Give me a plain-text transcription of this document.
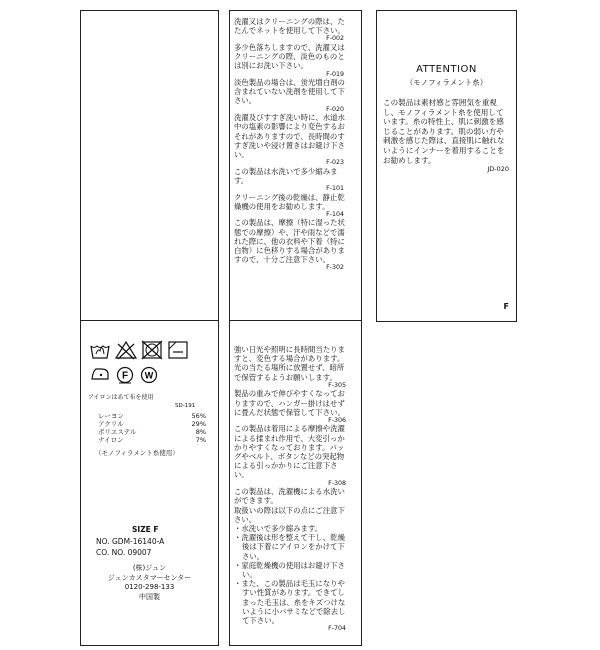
F W
アイロンはあて布を使用
SD-191
レーヨン	56%
アクリル	29%
ポリエステル	8%
ナイロン	7%
（モノフィラメント糸使用）
SIZE F
NO. GDM-16140-A
CO. NO. 09007
(株)ジュン
ジュンカスタマーセンター
0120-298-133
中国製
洗濯又はクリーニングの際は、たたんでネットを使用して下さい。
F-002
多少色落ちしますので、洗濯又はクリーニングの際、淡色のものとは別にお洗い下さい。
F-019
淡色製品の場合は、蛍光増白剤の含まれていない洗剤を使用して下さい。
F-020
洗濯及びすすぎ洗い時に、水道水中の塩素の影響により変色するおそれがありますので、長時間のすすぎ洗いや浸け置きはお避け下さい。
F-023
この製品は水洗いで多少縮みます。
F-101
クリーニング後の乾燥は、静止乾燥機の使用をお勧めします。
F-104
この製品は、摩擦（特に湿った状態での摩擦）や、汗や雨などで濡れた際に、他の衣料や下着（特に白物）に色移りする場合がありますので、十分ご注意下さい。
F-302
強い日光や照明に長時間当たりますと、変色する場合があります。光の当たる場所に放置せず、暗所で保管するようお願いします。
F-305
製品の重みで伸びやすくなっておりますので、ハンガー掛けはせずに畳んだ状態で保管して下さい。
F-306
この製品は着用による摩擦や洗濯による揉まれ作用で、大変引っかかりやすくなっております。バッグやベルト、ボタンなどの突起物による引っかかりにご注意下さい。
F-308
この製品は、洗濯機による水洗いができます。
取扱いの際は以下の点にご注意下さい。
・水洗いで多少縮みます。
・洗濯後は形を整えて干し、乾燥後は下着にアイロンをかけて下さい。
・家庭乾燥機の使用はお避け下さい。
・また、この製品は毛玉になりやすい性質があります。できてしまった毛玉は、糸をキズつけないように小バサミなどで除去して下さい。
F-704
ATTENTION
（モノフィラメント糸）
この製品は素材感と雰囲気を重視し、モノフィラメント糸を使用しています。糸の特性上、肌に刺激を感じることがあります。肌の弱い方や刺激を感じた際は、直接肌に触れないようにインナーを着用することをお勧めします。
JD-020
F
